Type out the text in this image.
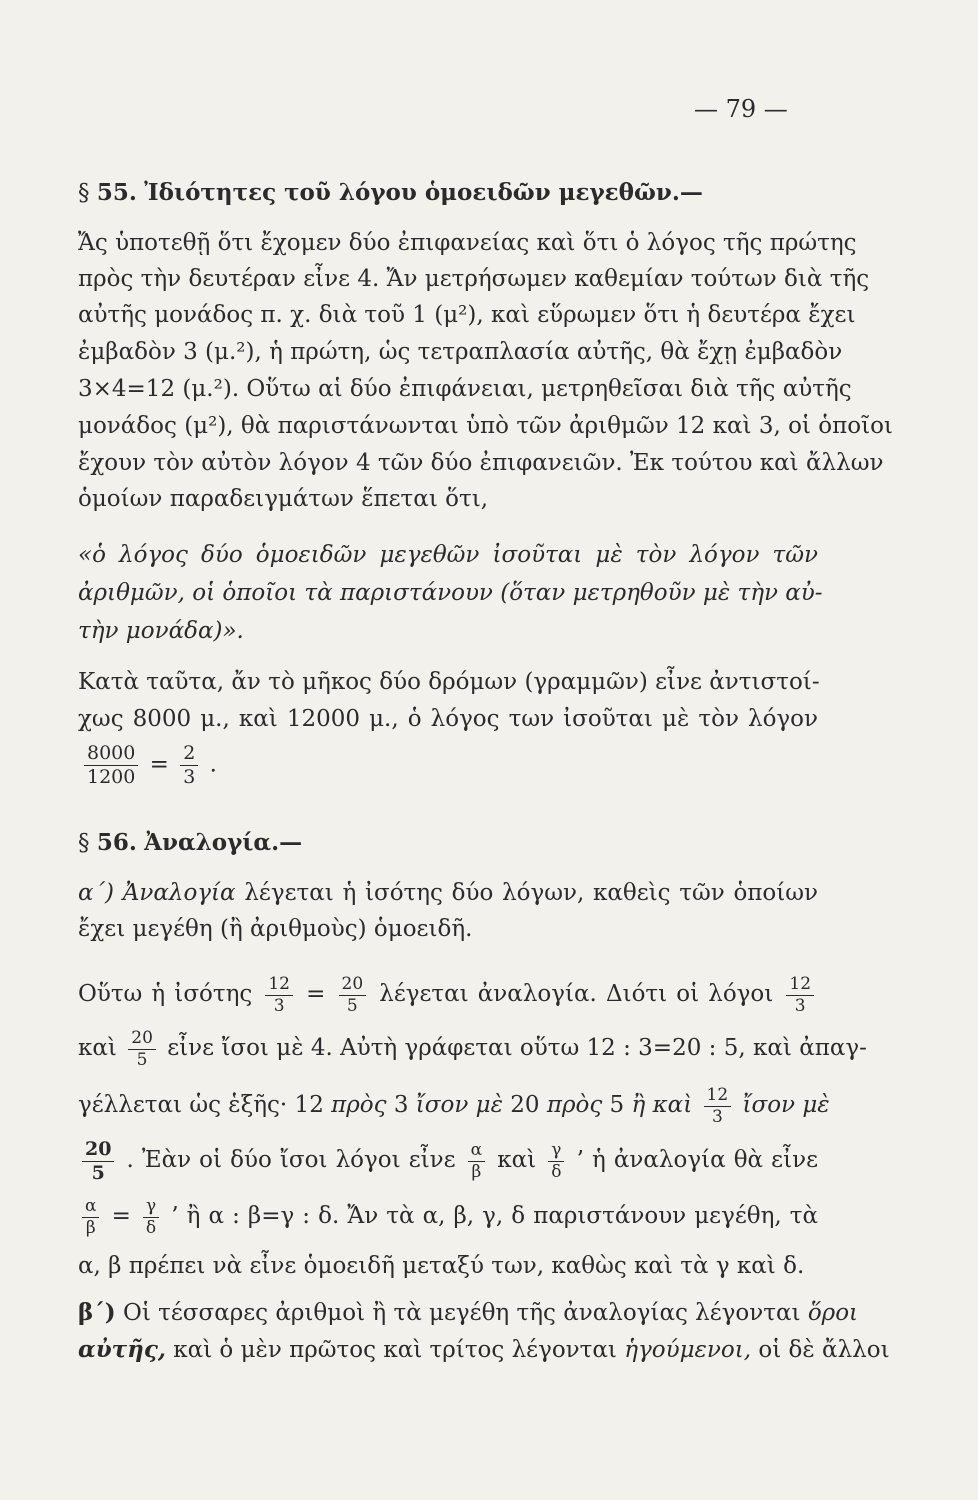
— 79 —
§ 55. Ἰδιότητες τοῦ λόγου ὁμοειδῶν μεγεθῶν.—
Ἄς ὑποτεθῇ ὅτι ἔχομεν δύο ἐπιφανείας καὶ ὅτι ὁ λόγος τῆς πρώτης
πρὸς τὴν δευτέραν εἶνε 4. Ἄν μετρήσωμεν καθεμίαν τούτων διὰ τῆς
αὐτῆς μονάδος π. χ. διὰ τοῦ 1 (μ²), καὶ εὕρωμεν ὅτι ἡ δευτέρα ἔχει
ἐμβαδὸν 3 (μ.²), ἡ πρώτη, ὡς τετραπλασία αὐτῆς, θὰ ἔχῃ ἐμβαδὸν
3×4=12 (μ.²). Οὕτω αἱ δύο ἐπιφάνειαι, μετρηθεῖσαι διὰ τῆς αὐτῆς
μονάδος (μ²), θὰ παριστάνωνται ὑπὸ τῶν ἀριθμῶν 12 καὶ 3, οἱ ὁποῖοι
ἔχουν τὸν αὐτὸν λόγον 4 τῶν δύο ἐπιφανειῶν. Ἐκ τούτου καὶ ἄλλων
ὁμοίων παραδειγμάτων ἕπεται ὅτι,
«ὁ λόγος δύο ὁμοειδῶν μεγεθῶν ἰσοῦται μὲ τὸν λόγον τῶν
ἀριθμῶν, οἱ ὁποῖοι τὰ παριστάνουν (ὅταν μετρηθοῦν μὲ τὴν αὐ-
τὴν μονάδα)».
Κατὰ ταῦτα, ἄν τὸ μῆκος δύο δρόμων (γραμμῶν) εἶνε ἀντιστοί-
χως 8000 μ., καὶ 12000 μ., ὁ λόγος των ἰσοῦται μὲ τὸν λόγον
$\frac{8000}{1200} = \frac{2}{3}$ .
§ 56. Ἀναλογία.—
α΄) Ἀναλογία λέγεται ἡ ἰσότης δύο λόγων, καθεὶς τῶν ὁποίων
ἔχει μεγέθη (ἢ ἀριθμοὺς) ὁμοειδῆ.
Οὕτω ἡ ἰσότης $\frac{12}{3} = \frac{20}{5}$ λέγεται ἀναλογία. Διότι οἱ λόγοι $\frac{12}{3}$
καὶ $\frac{20}{5}$ εἶνε ἴσοι μὲ 4. Αὐτὴ γράφεται οὕτω 12 : 3=20 : 5, καὶ ἀπαγ-
γέλλεται ὡς ἑξῆς· 12 πρὸς 3 ἴσον μὲ 20 πρὸς 5 ἢ καὶ $\frac{12}{3}$ ἴσον μὲ
$\frac{20}{5}$ . Ἐὰν οἱ δύο ἴσοι λόγοι εἶνε $\frac{\alpha}{\beta}$ καὶ $\frac{\gamma}{\delta}$ ’ ἡ ἀναλογία θὰ εἶνε
$\frac{\alpha}{\beta} = \frac{\gamma}{\delta}$ ’ ἢ α : β=γ : δ. Ἄν τὰ α, β, γ, δ παριστάνουν μεγέθη, τὰ
α, β πρέπει νὰ εἶνε ὁμοειδῆ μεταξύ των, καθὼς καὶ τὰ γ καὶ δ.
β΄) Οἱ τέσσαρες ἀριθμοὶ ἢ τὰ μεγέθη τῆς ἀναλογίας λέγονται ὅροι
αὐτῆς, καὶ ὁ μὲν πρῶτος καὶ τρίτος λέγονται ἡγούμενοι, οἱ δὲ ἄλλοι
